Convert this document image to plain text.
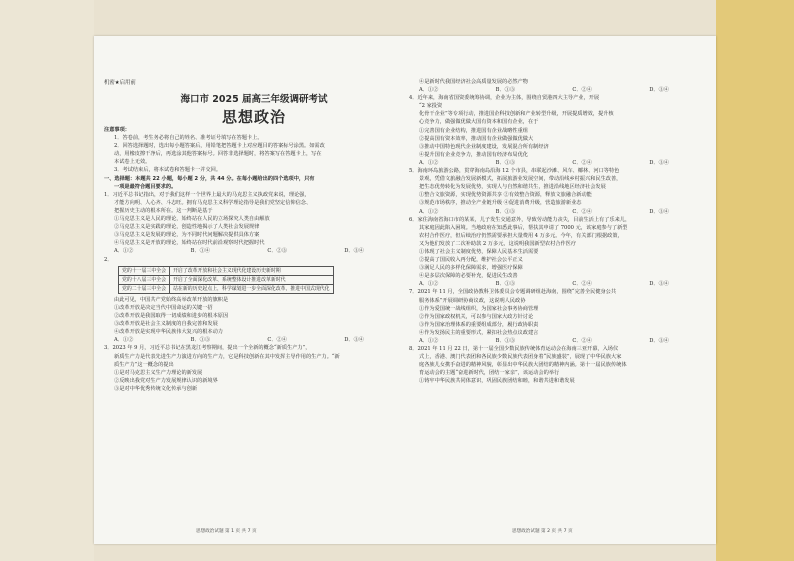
机密★启用前
海口市 2025 届高三年级调研考试
思想政治
注意事项：
1．答卷前，考生务必将自己的姓名、准考证号填写在答题卡上。
2．回答选择题时，选出每小题答案后，用铅笔把答题卡上对应题目的答案标号涂黑。如需改
动，用橡皮擦干净后，再选涂其他答案标号。回答非选择题时，将答案写在答题卡上，写在
本试卷上无效。
3．考试结束后，将本试卷和答题卡一并交回。
一、选择题：本题共 22 小题，每小题 2 分，共 44 分。在每小题给出的四个选项中，只有
一项是最符合题目要求的。
1．习近平总书记指出，对于我们这样一个世界上最大的马克思主义执政党来说，理论强，
才能方向明、人心齐、斗志旺。拥有马克思主义科学理论指导是我们党坚定信仰信念、
把握历史主动的根本所在。这一判断是基于
①马克思主义是人民的理论，始终站在人民的立场探究人类自由解放
②马克思主义是实践的理论，创造性地揭示了人类社会发展规律
③马克思主义是发展的理论，为不同时代问题解决提供具体方案
④马克思主义是开放的理论，始终站在时代前沿观察时代把握时代
A．①②	B．①④	C．②③	D．③④
2．
党的十一届三中全会	开启了改革开放和社会主义现代化建设历史新时期
党的十八届三中全会	开启了全面深化改革、系统整体设计推进改革新时代
党的二十届三中全会	站在新的历史起点上，科学谋划进一步全面深化改革，推进中国式现代化
由此可见，中国共产党始终高举改革开放的旗帜是
①改革开放是决定当代中国命运的关键一招
②改革开放是我国取得一切成绩和进步的根本原因
③改革开放是社会主义制度的自我完善和发展
④改革开放是实现中华民族伟大复兴的根本动力
A．①②	B．①③	C．②④	D．③④
3．2023 年 9 月，习近平总书记在黑龙江考察期间，提出一个全新的概念“新质生产力”，
新质生产力是代表先进生产力演进方向的生产力，它是科技创新在其中发挥主导作用的生产力。“新
质生产力”这一概念的提出
①是对马克思主义生产力理论的新发展
②反映出我党对生产力发展规律认识的新境界
③是对中华优秀传统文化传承与创新
④是新时代我国经济社会高质量发展的必然产物
A．①②	B．①③	C．②④	D．③④
4．近年来，海南省国资委统筹协调，企业为主体，围绕自贸港四大主导产业，开展
“2 家投资
化骨干企业”等专项行动，推进国企科技创新和产业转型升级，开展提质增效，提升核
心竞争力，做强做优做大国有资本和国有企业，在于
①完善国有企业结构，推进国有企业战略性重组
②提高国有资本效率，推动国有企业做强做优做大
③推动中国特色现代企业制度建设，发展混合所有制经济
④提升国有企业竞争力，推动国有经济布局优化
A．①②	B．①③	C．②④	D．③④
5．海南环岛旅游公路，贯穿海南岛沿海 12 个市县，串联起沙滩、风车、椰林、河口等特色
景观，凭借文旅融合发展新模式，拓展旅游业发展空间，带动沿线乡村振兴和民生改善，
把生态优势转化为发展优势，实现人与自然和谐共生，推进沿线地区经济社会发展
①整合文旅资源，实现优势资源共享 ②有效整合资源，释放文旅融合新动能
③规范市场秩序，推动全产业链升级 ④促进消费升级，营造旅游新业态
A．①②	B．①③	C．②④	D．③④
6．家住海南省海口市的某某，儿子发生交通意外，导致劳动能力丧失，目前生活上有了乐来儿，
其家庭因此陷入困境。当地政府在知悉此事后，帮扶其申请了 7000 元，该家庭参与了新型
农村合作医疗，但后续治疗仍然需要承担大量费用 4 万多元。今年，有关部门根据政策，
又为他们发放了二次补助款 2 万多元，这说明我国新型农村合作医疗
①体现了社会主义制度优势，保障人民基本生活需要
②提高了国民收入再分配，维护社会公平正义
③满足人民的多样化保障需求，增强医疗保障
④是多层次保障的必要补充，促进民生改善
A．①②	B．①③	C．②④	D．③④
7．2021 年 11 月，全国政协教科卫体委员会专题调研组赴海南，围绕“完善全民健身公共
服务体系”开展调研协商议政，这说明人民政协
①作为爱国统一战线组织，为国家社会事务协商管理
②作为国家政权机关，可以参与国家大政方针讨论
③作为国家治理体系的重要组成部分，履行政协职责
④作为发扬民主的重要形式，紧扣社会热点议政建言
A．①②	B．①③	C．②④	D．③④
8．2021 年 11 月 22 日，第十一届全国少数民族传统体育运动会在海南三亚开幕，入场仪
式上，香港、澳门代表团和各民族少数民族代表团身着“民族盛装”，展现了中华民族大家
庭各族儿女携手奋进的精神风貌，彰显出中华民族大团结的精神内涵。第十一届民族传统体
育运动会的主题“奋进新时代，团结一家亲”，该运动会的举行
①铸牢中华民族共同体意识，巩固民族团结和睦，和谐共进和谐发展
思想政治试题 第 1 页 共 7 页	思想政治试题 第 2 页 共 7 页
